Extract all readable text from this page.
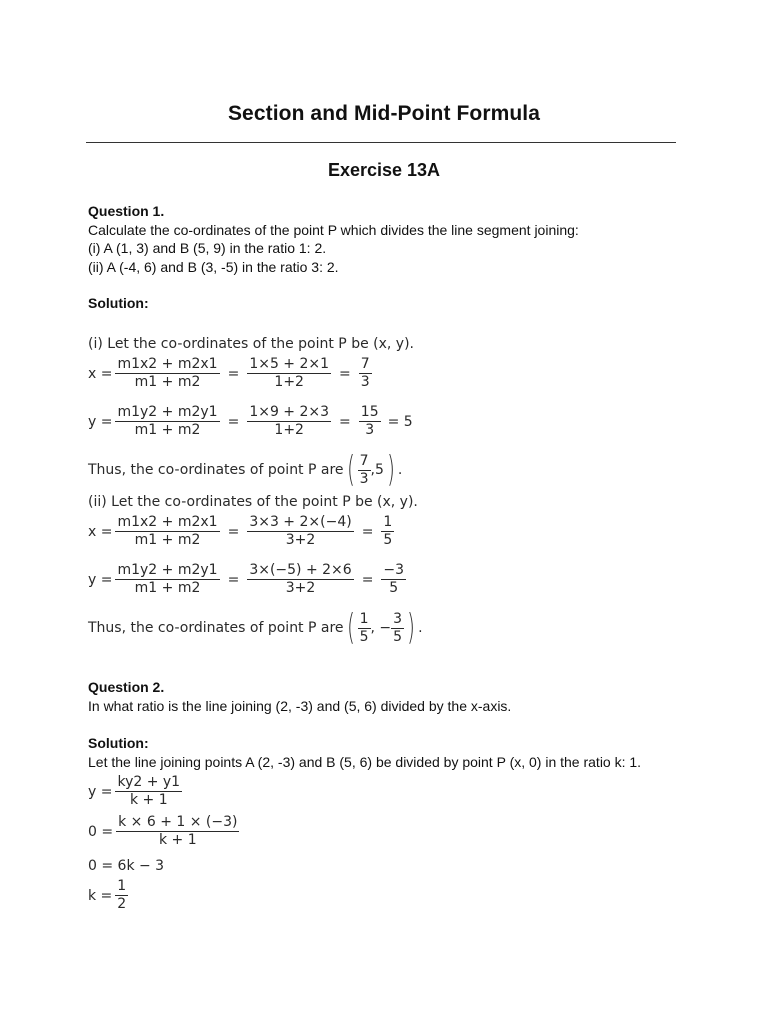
Section and Mid-Point Formula
Exercise 13A
Question 1.
Calculate the co-ordinates of the point P which divides the line segment joining:
(i) A (1, 3) and B (5, 9) in the ratio 1: 2.
(ii) A (-4, 6) and B (3, -5) in the ratio 3: 2.
Solution:
(i) Let the co-ordinates of the point P be (x, y).
$x = \frac{m1x2 + m2x1}{m1 + m2} = \frac{1\times 5 + 2\times 1}{1+2} = \frac{7}{3}$
$y = \frac{m1y2 + m2y1}{m1 + m2} = \frac{1\times 9 + 2\times 3}{1+2} = \frac{15}{3} = 5$
Thus, the co-ordinates of point P are ( $\frac{7}{3} ,5$ ) .
(ii) Let the co-ordinates of the point P be (x, y).
$x = \frac{m1x2 + m2x1}{m1 + m2} = \frac{3\times 3 + 2\times(-4)}{3+2} = \frac{1}{5}$
$y = \frac{m1y2 + m2y1}{m1 + m2} = \frac{3\times(-5) + 2\times 6}{3+2} = \frac{-3}{5}$
Thus, the co-ordinates of point P are ( $\frac{1}{5}$ , − $\frac{3}{5}$ ) .
Question 2.
In what ratio is the line joining (2, -3) and (5, 6) divided by the x-axis.
Solution:
Let the line joining points A (2, -3) and B (5, 6) be divided by point P (x, 0) in the ratio k: 1.
$y = \frac{ky2 + y1}{k + 1}$
$0 = \frac{k \times 6 + 1 \times (-3)}{k + 1}$
0 = 6k − 3
$k = \frac{1}{2}$
